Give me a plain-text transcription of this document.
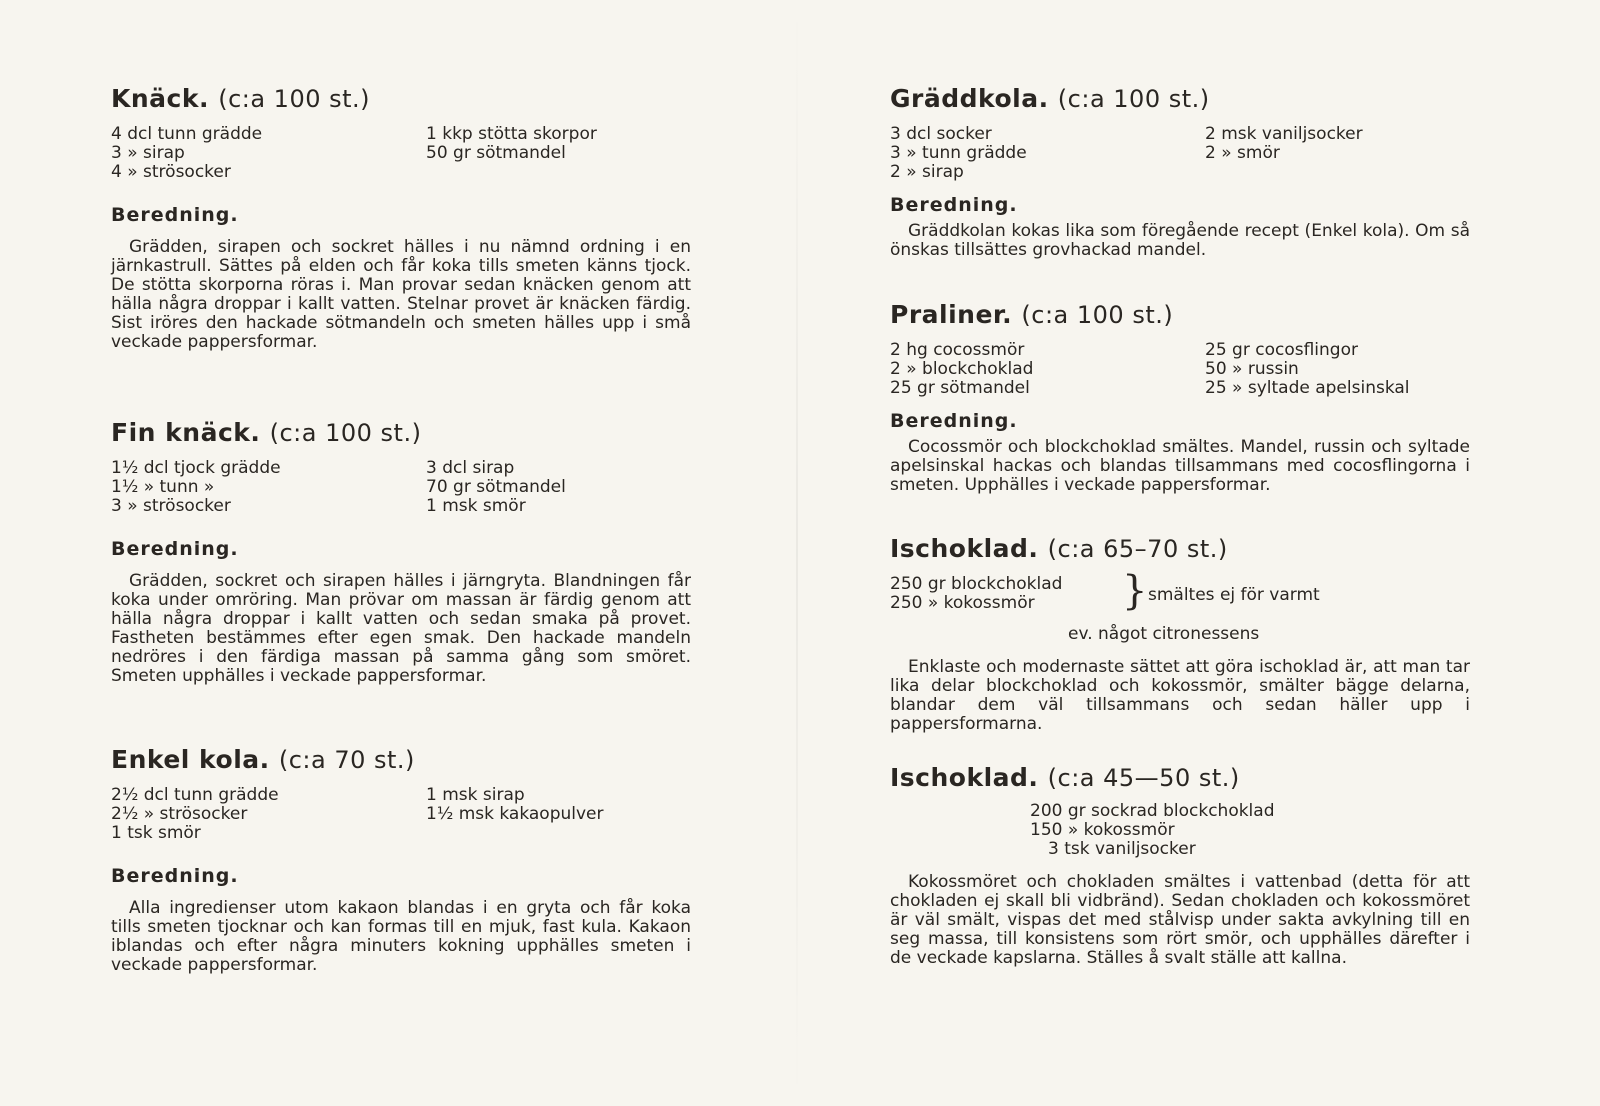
Knäck. (c:a 100 st.)
4 dcl tunn grädde
3 » sirap
4 » strösocker
1 kkp stötta skorpor
50 gr sötmandel
Beredning.

Grädden, sirapen och sockret hälles i nu nämnd ordning i en järnkastrull. Sättes på elden och får koka tills smeten känns tjock. De stötta skorporna röras i. Man provar sedan knäcken genom att hälla några droppar i kallt vatten. Stelnar provet är knäcken färdig. Sist iröres den hackade sötmandeln och smeten hälles upp i små veckade pappersformar.

Fin knäck. (c:a 100 st.)
1½ dcl tjock grädde
1½ » tunn »
3 » strösocker
3 dcl sirap
70 gr sötmandel
1 msk smör
Beredning.

Grädden, sockret och sirapen hälles i järngryta. Blandningen får koka under omröring. Man prövar om massan är färdig genom att hälla några droppar i kallt vatten och sedan smaka på provet. Fastheten bestämmes efter egen smak. Den hackade mandeln nedröres i den färdiga massan på samma gång som smöret. Smeten upphälles i veckade pappersformar.

Enkel kola. (c:a 70 st.)
2½ dcl tunn grädde
2½ » strösocker
1 tsk smör
1 msk sirap
1½ msk kakaopulver
Beredning.

Alla ingredienser utom kakaon blandas i en gryta och får koka tills smeten tjocknar och kan formas till en mjuk, fast kula. Kakaon iblandas och efter några minuters kokning upphälles smeten i veckade pappersformar.

Gräddkola. (c:a 100 st.)
3 dcl socker
3 » tunn grädde
2 » sirap
2 msk vaniljsocker
2 » smör
Beredning.

Gräddkolan kokas lika som föregående recept (Enkel kola). Om så önskas tillsättes grovhackad mandel.

Praliner. (c:a 100 st.)
2 hg cocossmör
2 » blockchoklad
25 gr sötmandel
25 gr cocosflingor
50 » russin
25 » syltade apelsinskal
Beredning.

Cocossmör och blockchoklad smältes. Mandel, russin och syltade apelsinskal hackas och blandas tillsammans med cocosflingorna i smeten. Upphälles i veckade pappersformar.

Ischoklad. (c:a 65–70 st.)
250 gr blockchoklad
250 » kokossmör	} smältes ej för varmt
ev. något citronessens

Enklaste och modernaste sättet att göra ischoklad är, att man tar lika delar blockchoklad och kokossmör, smälter bägge delarna, blandar dem väl tillsammans och sedan häller upp i pappersformarna.

Ischoklad. (c:a 45—50 st.)
200 gr sockrad blockchoklad
150 » kokossmör
3 tsk vaniljsocker

Kokossmöret och chokladen smältes i vattenbad (detta för att chokladen ej skall bli vidbränd). Sedan chokladen och kokossmöret är väl smält, vispas det med stålvisp under sakta avkylning till en seg massa, till konsistens som rört smör, och upphälles därefter i de veckade kapslarna. Ställes å svalt ställe att kallna.
